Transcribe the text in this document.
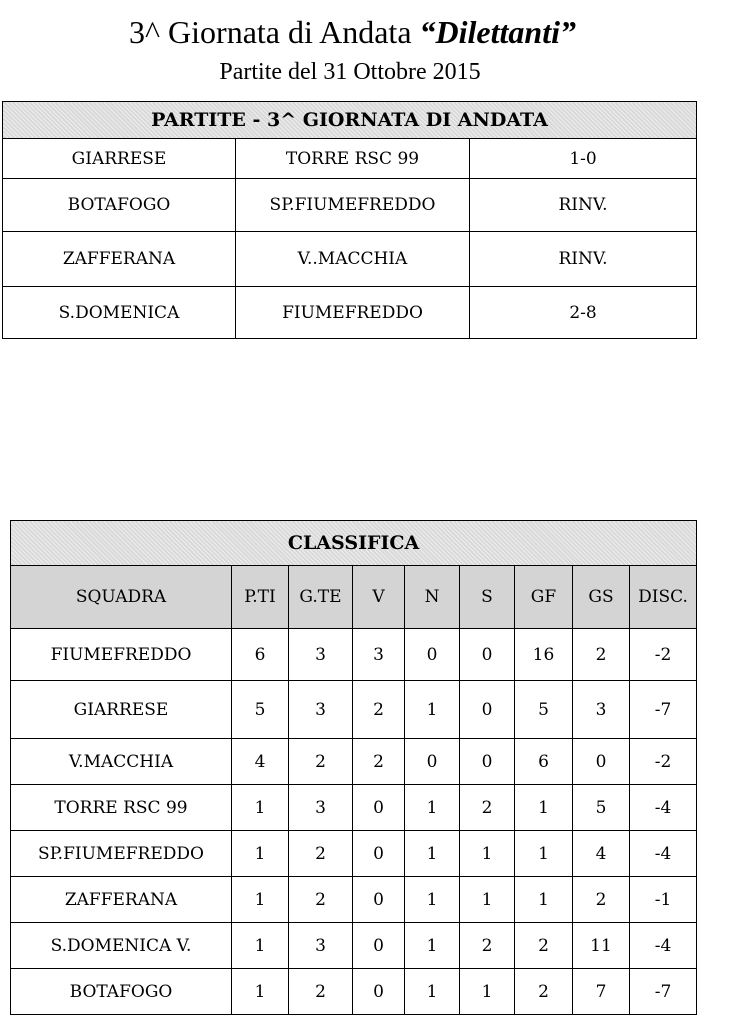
3^ Giornata di Andata “Dilettanti”
Partite del 31 Ottobre 2015
PARTITE - 3^ GIORNATA DI ANDATA		
GIARRESE	TORRE RSC 99	1-0
BOTAFOGO	SP.FIUMEFREDDO	RINV.
ZAFFERANA	V..MACCHIA	RINV.
S.DOMENICA	FIUMEFREDDO	2-8
CLASSIFICA								
SQUADRA	P.TI	G.TE	V	N	S	GF	GS	DISC.
FIUMEFREDDO	6	3	3	0	0	16	2	-2
GIARRESE	5	3	2	1	0	5	3	-7
V.MACCHIA	4	2	2	0	0	6	0	-2
TORRE RSC 99	1	3	0	1	2	1	5	-4
SP.FIUMEFREDDO	1	2	0	1	1	1	4	-4
ZAFFERANA	1	2	0	1	1	1	2	-1
S.DOMENICA V.	1	3	0	1	2	2	11	-4
BOTAFOGO	1	2	0	1	1	2	7	-7
